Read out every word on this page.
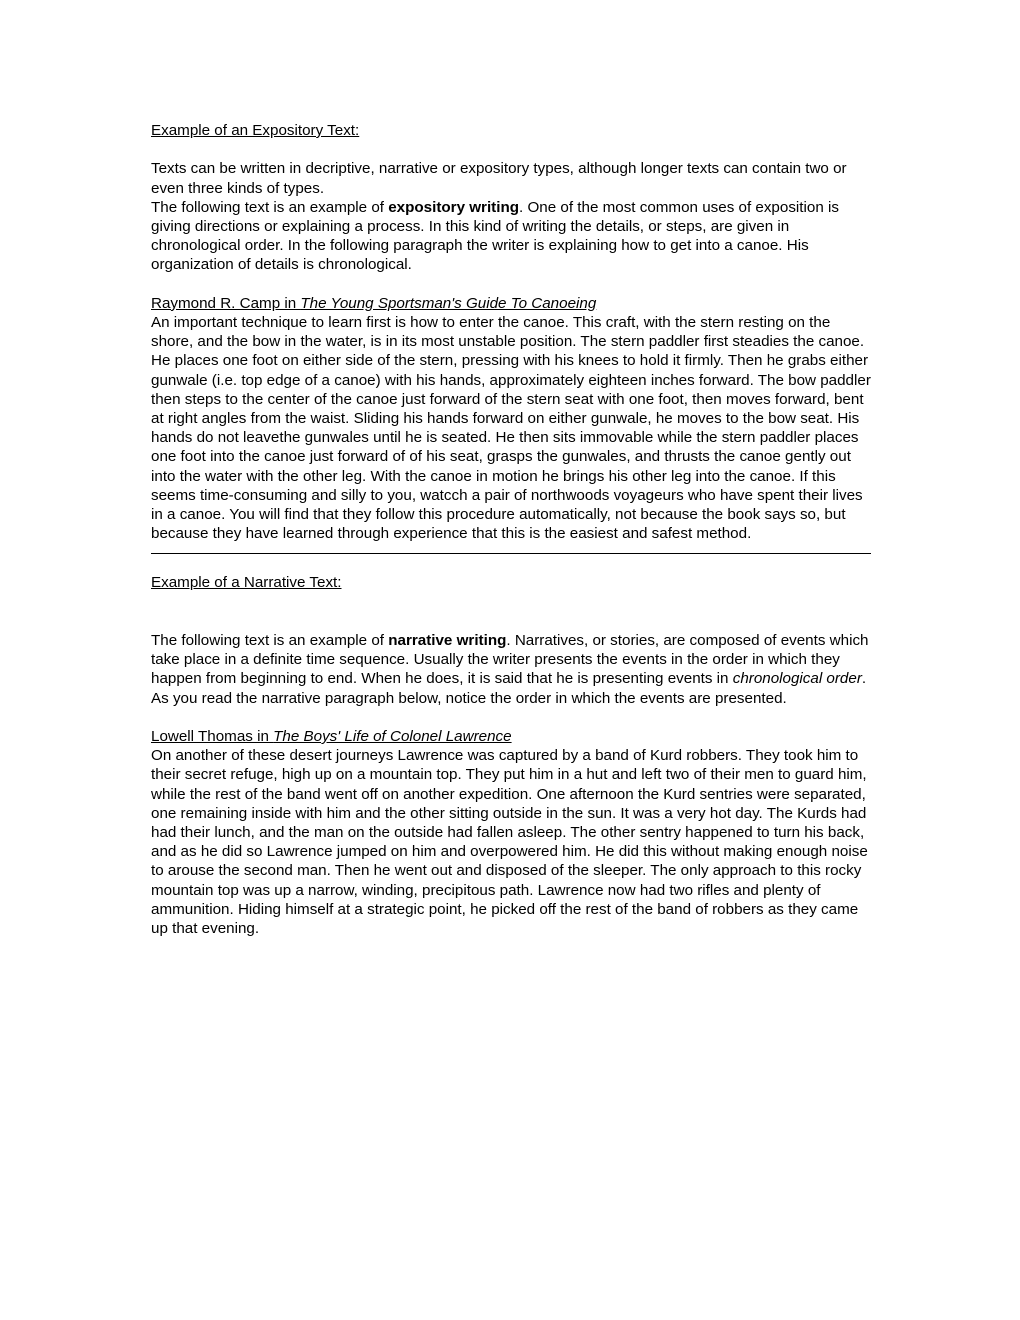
Example of an Expository Text:

Texts can be written in decriptive, narrative or expository types, although longer texts can contain two or even three kinds of types.

The following text is an example of expository writing. One of the most common uses of exposition is giving directions or explaining a process. In this kind of writing the details, or steps, are given in chronological order. In the following paragraph the writer is explaining how to get into a canoe. His organization of details is chronological.

Raymond R. Camp in The Young Sportsman's Guide To Canoeing

An important technique to learn first is how to enter the canoe. This craft, with the stern resting on the shore, and the bow in the water, is in its most unstable position. The stern paddler first steadies the canoe. He places one foot on either side of the stern, pressing with his knees to hold it firmly. Then he grabs either gunwale (i.e. top edge of a canoe) with his hands, approximately eighteen inches forward. The bow paddler then steps to the center of the canoe just forward of the stern seat with one foot, then moves forward, bent at right angles from the waist. Sliding his hands forward on either gunwale, he moves to the bow seat. His hands do not leavethe gunwales until he is seated. He then sits immovable while the stern paddler places one foot into the canoe just forward of of his seat, grasps the gunwales, and thrusts the canoe gently out into the water with the other leg. With the canoe in motion he brings his other leg into the canoe. If this seems time-consuming and silly to you, watcch a pair of northwoods voyageurs who have spent their lives in a canoe. You will find that they follow this procedure automatically, not because the book says so, but because they have learned through experience that this is the easiest and safest method.

Example of a Narrative Text:

The following text is an example of narrative writing. Narratives, or stories, are composed of events which take place in a definite time sequence. Usually the writer presents the events in the order in which they happen from beginning to end. When he does, it is said that he is presenting events in chronological order. As you read the narrative paragraph below, notice the order in which the events are presented.

Lowell Thomas in The Boys' Life of Colonel Lawrence

On another of these desert journeys Lawrence was captured by a band of Kurd robbers. They took him to their secret refuge, high up on a mountain top. They put him in a hut and left two of their men to guard him, while the rest of the band went off on another expedition. One afternoon the Kurd sentries were separated, one remaining inside with him and the other sitting outside in the sun. It was a very hot day. The Kurds had had their lunch, and the man on the outside had fallen asleep. The other sentry happened to turn his back, and as he did so Lawrence jumped on him and overpowered him. He did this without making enough noise to arouse the second man. Then he went out and disposed of the sleeper. The only approach to this rocky mountain top was up a narrow, winding, precipitous path. Lawrence now had two rifles and plenty of ammunition. Hiding himself at a strategic point, he picked off the rest of the band of robbers as they came up that evening.
